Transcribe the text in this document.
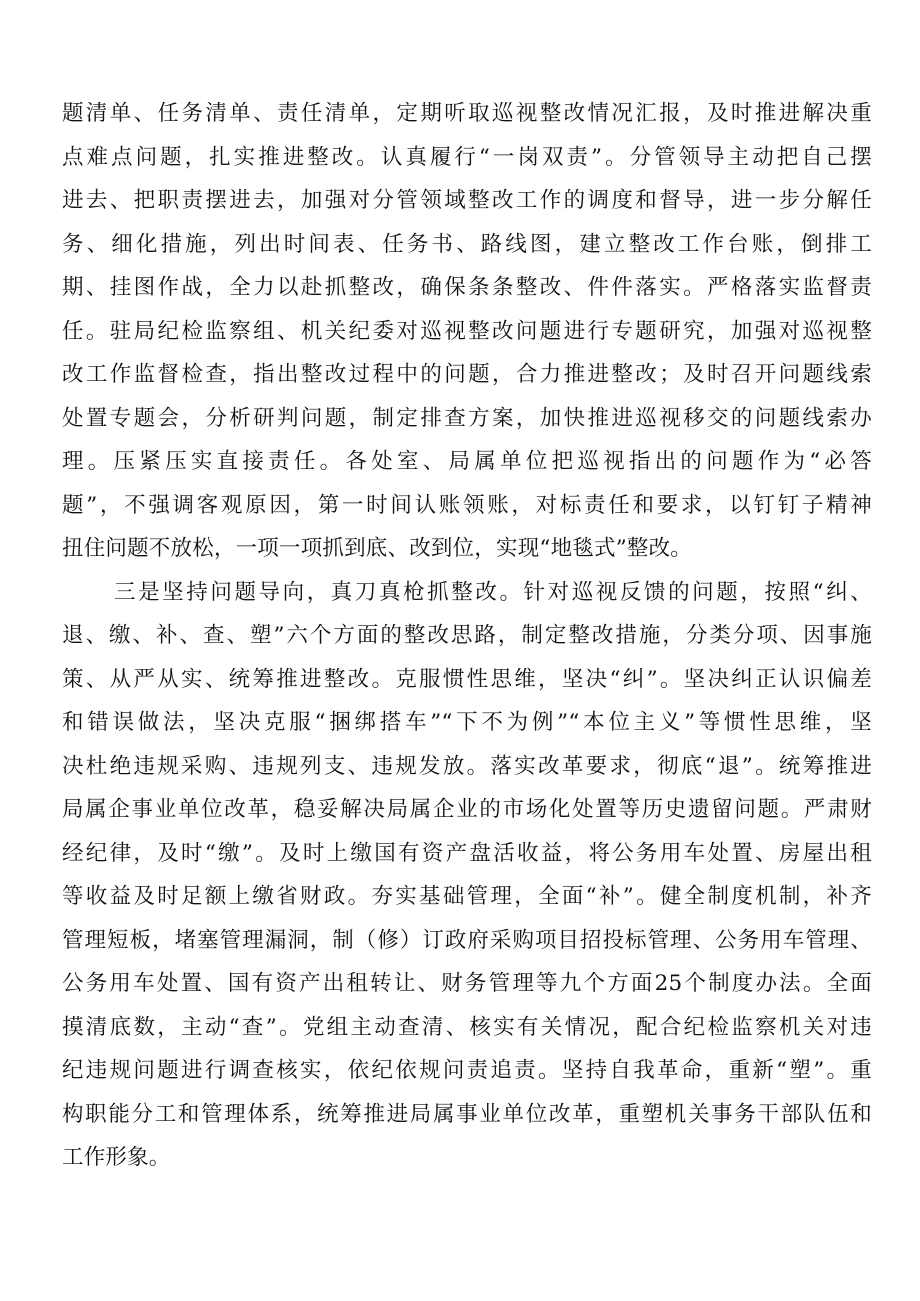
题清单、任务清单、责任清单，定期听取巡视整改情况汇报，及时推进解决重
点难点问题，扎实推进整改。认真履行“一岗双责”。分管领导主动把自己摆
进去、把职责摆进去，加强对分管领域整改工作的调度和督导，进一步分解任
务、细化措施，列出时间表、任务书、路线图，建立整改工作台账，倒排工
期、挂图作战，全力以赴抓整改，确保条条整改、件件落实。严格落实监督责
任。驻局纪检监察组、机关纪委对巡视整改问题进行专题研究，加强对巡视整
改工作监督检查，指出整改过程中的问题，合力推进整改；及时召开问题线索
处置专题会，分析研判问题，制定排查方案，加快推进巡视移交的问题线索办
理。压紧压实直接责任。各处室、局属单位把巡视指出的问题作为“必答
题”，不强调客观原因，第一时间认账领账，对标责任和要求，以钉钉子精神
扭住问题不放松，一项一项抓到底、改到位，实现“地毯式”整改。
三是坚持问题导向，真刀真枪抓整改。针对巡视反馈的问题，按照“纠、
退、缴、补、查、塑”六个方面的整改思路，制定整改措施，分类分项、因事施
策、从严从实、统筹推进整改。克服惯性思维，坚决“纠”。坚决纠正认识偏差
和错误做法，坚决克服“捆绑搭车”“下不为例”“本位主义”等惯性思维，坚
决杜绝违规采购、违规列支、违规发放。落实改革要求，彻底“退”。统筹推进
局属企事业单位改革，稳妥解决局属企业的市场化处置等历史遗留问题。严肃财
经纪律，及时“缴”。及时上缴国有资产盘活收益，将公务用车处置、房屋出租
等收益及时足额上缴省财政。夯实基础管理，全面“补”。健全制度机制，补齐
管理短板，堵塞管理漏洞，制（修）订政府采购项目招投标管理、公务用车管理、
公务用车处置、国有资产出租转让、财务管理等九个方面25个制度办法。全面
摸清底数，主动“查”。党组主动查清、核实有关情况，配合纪检监察机关对违
纪违规问题进行调查核实，依纪依规问责追责。坚持自我革命，重新“塑”。重
构职能分工和管理体系，统筹推进局属事业单位改革，重塑机关事务干部队伍和
工作形象。
